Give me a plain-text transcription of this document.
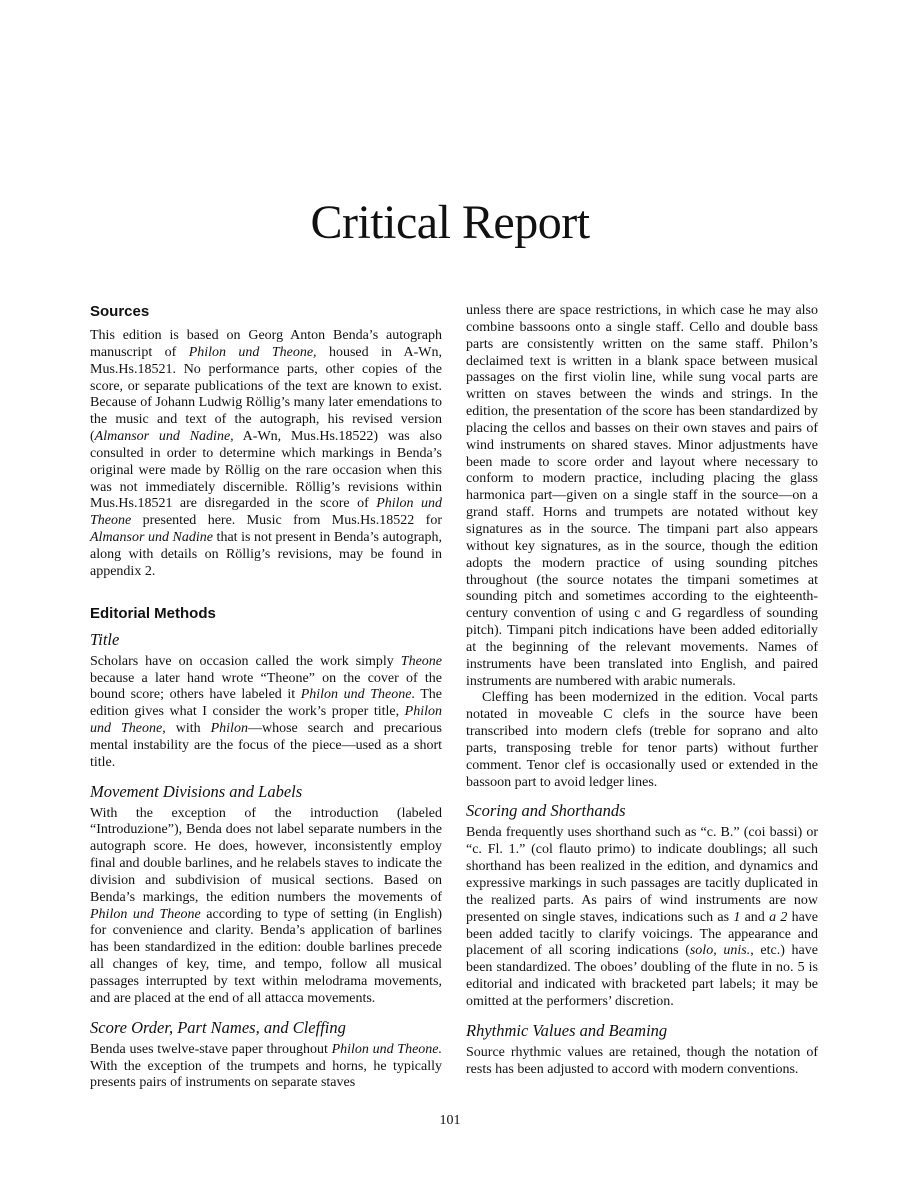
Critical Report
Sources

This edition is based on Georg Anton Benda’s autograph manuscript of Philon und Theone, housed in A-Wn, Mus.Hs.18521. No performance parts, other copies of the score, or separate publications of the text are known to exist. Because of Johann Ludwig Röllig’s many later emendations to the music and text of the autograph, his revised version (Almansor und Nadine, A-Wn, Mus.Hs.18522) was also consulted in order to determine which markings in Benda’s original were made by Röllig on the rare occasion when this was not immediately discernible. Röllig’s revisions within Mus.Hs.18521 are disregarded in the score of Philon und Theone presented here. Music from Mus.Hs.18522 for Almansor und Nadine that is not present in Benda’s autograph, along with details on Röllig’s revisions, may be found in appendix 2.

Editorial Methods
Title

Scholars have on occasion called the work simply Theone because a later hand wrote “Theone” on the cover of the bound score; others have labeled it Philon und Theone. The edition gives what I consider the work’s proper title, Philon und Theone, with Philon—whose search and precarious mental instability are the focus of the piece—used as a short title.

Movement Divisions and Labels

With the exception of the introduction (labeled “Introduzione”), Benda does not label separate numbers in the autograph score. He does, however, inconsistently employ final and double barlines, and he relabels staves to indicate the division and subdivision of musical sections. Based on Benda’s markings, the edition numbers the movements of Philon und Theone according to type of setting (in English) for convenience and clarity. Benda’s application of barlines has been standardized in the edition: double barlines precede all changes of key, time, and tempo, follow all musical passages interrupted by text within melodrama movements, and are placed at the end of all attacca movements.

Score Order, Part Names, and Cleffing

Benda uses twelve-stave paper throughout Philon und Theone. With the exception of the trumpets and horns, he typically presents pairs of instruments on separate staves

unless there are space restrictions, in which case he may also combine bassoons onto a single staff. Cello and double bass parts are consistently written on the same staff. Philon’s declaimed text is written in a blank space between musical passages on the first violin line, while sung vocal parts are written on staves between the winds and strings. In the edition, the presentation of the score has been standardized by placing the cellos and basses on their own staves and pairs of wind instruments on shared staves. Minor adjustments have been made to score order and layout where necessary to conform to modern practice, including placing the glass harmonica part—given on a single staff in the source—on a grand staff. Horns and trumpets are notated without key signatures as in the source. The timpani part also appears without key signatures, as in the source, though the edition adopts the modern practice of using sounding pitches throughout (the source notates the timpani sometimes at sounding pitch and sometimes according to the eighteenth-century convention of using c and G regardless of sounding pitch). Timpani pitch indications have been added editorially at the beginning of the relevant movements. Names of instruments have been translated into English, and paired instruments are numbered with arabic numerals.

Cleffing has been modernized in the edition. Vocal parts notated in moveable C clefs in the source have been transcribed into modern clefs (treble for soprano and alto parts, transposing treble for tenor parts) without further comment. Tenor clef is occasionally used or extended in the bassoon part to avoid ledger lines.

Scoring and Shorthands

Benda frequently uses shorthand such as “c. B.” (coi bassi) or “c. Fl. 1.” (col flauto primo) to indicate doublings; all such shorthand has been realized in the edition, and dynamics and expressive markings in such passages are tacitly duplicated in the realized parts. As pairs of wind instruments are now presented on single staves, indications such as 1 and a 2 have been added tacitly to clarify voicings. The appearance and placement of all scoring indications (solo, unis., etc.) have been standardized. The oboes’ doubling of the flute in no. 5 is editorial and indicated with bracketed part labels; it may be omitted at the performers’ discretion.

Rhythmic Values and Beaming

Source rhythmic values are retained, though the notation of rests has been adjusted to accord with modern conventions.

101
